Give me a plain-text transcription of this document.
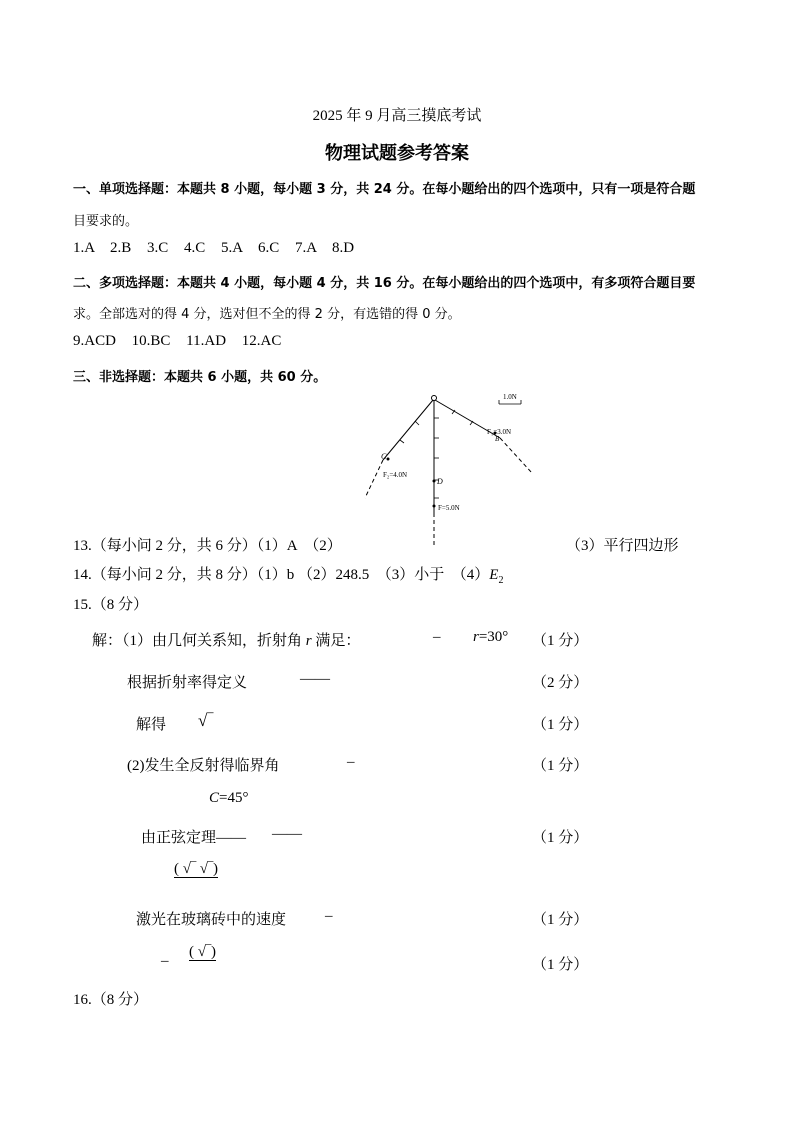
2025 年 9 月高三摸底考试
物理试题参考答案
一、单项选择题：本题共 8 小题，每小题 3 分，共 24 分。在每小题给出的四个选项中，只有一项是符合题
目要求的。
1.A 2.B 3.C 4.C 5.A 6.C 7.A 8.D
二、多项选择题：本题共 4 小题，每小题 4 分，共 16 分。在每小题给出的四个选项中，有多项符合题目要
求。全部选对的得 4 分，选对但不全的得 2 分，有选错的得 0 分。
9.ACD 10.BC 11.AD 12.AC
三、非选择题：本题共 6 小题，共 60 分。
1.0N
C
F₂=4.0N
D
F=5.0N
F₁=3.0N
B
13.（每小问 2 分，共 6 分）（1）A　（2）	（3）平行四边形
14.（每小问 2 分，共 8 分）（1）b （2）248.5　（3）小于　$(4)E_2$
15.（8 分）
解：（1）由几何关系知，折射角 r 满足：	– r=30° （1 分）
根据折射率得定义	——	（2 分）
解得 √‾	（1 分）
(2)发生全反射得临界角	–	（1 分）
C=45°
由正弦定理—— ——	（1 分）
( √‾ √‾)
激光在玻璃砖中的速度	–	（1 分）
–
( √‾)
（1 分）
16.（8 分）
